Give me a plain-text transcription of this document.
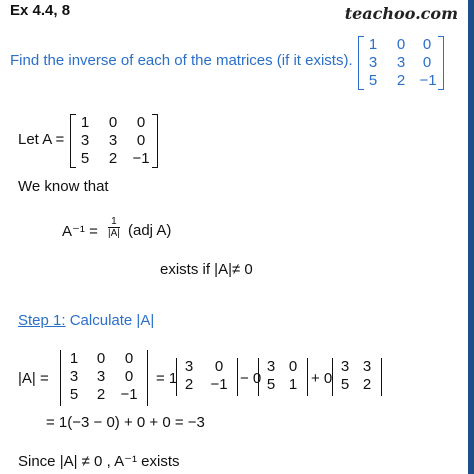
Ex 4.4, 8	teachoo.com
Find the inverse of each of the matrices (if it exists).
1	0	0
3	3	0
5	2 −1
Let A =
1	0	0
3	3	0
5	2	−1
We know that
$A^{-1} = \frac{1}{|A|} (adj$ A)
exists if |A|≠ 0
Step 1: Calculate |A|
|A| =
1	0	0
3	3	0
5	2	−1
= 1
3	0
2	−1 − 0
3 0
5 1 + 0
3 3
5 2
= 1(−3 − 0) + 0 + 0 = −3
Since |A| ≠ 0 , A⁻¹ exists
